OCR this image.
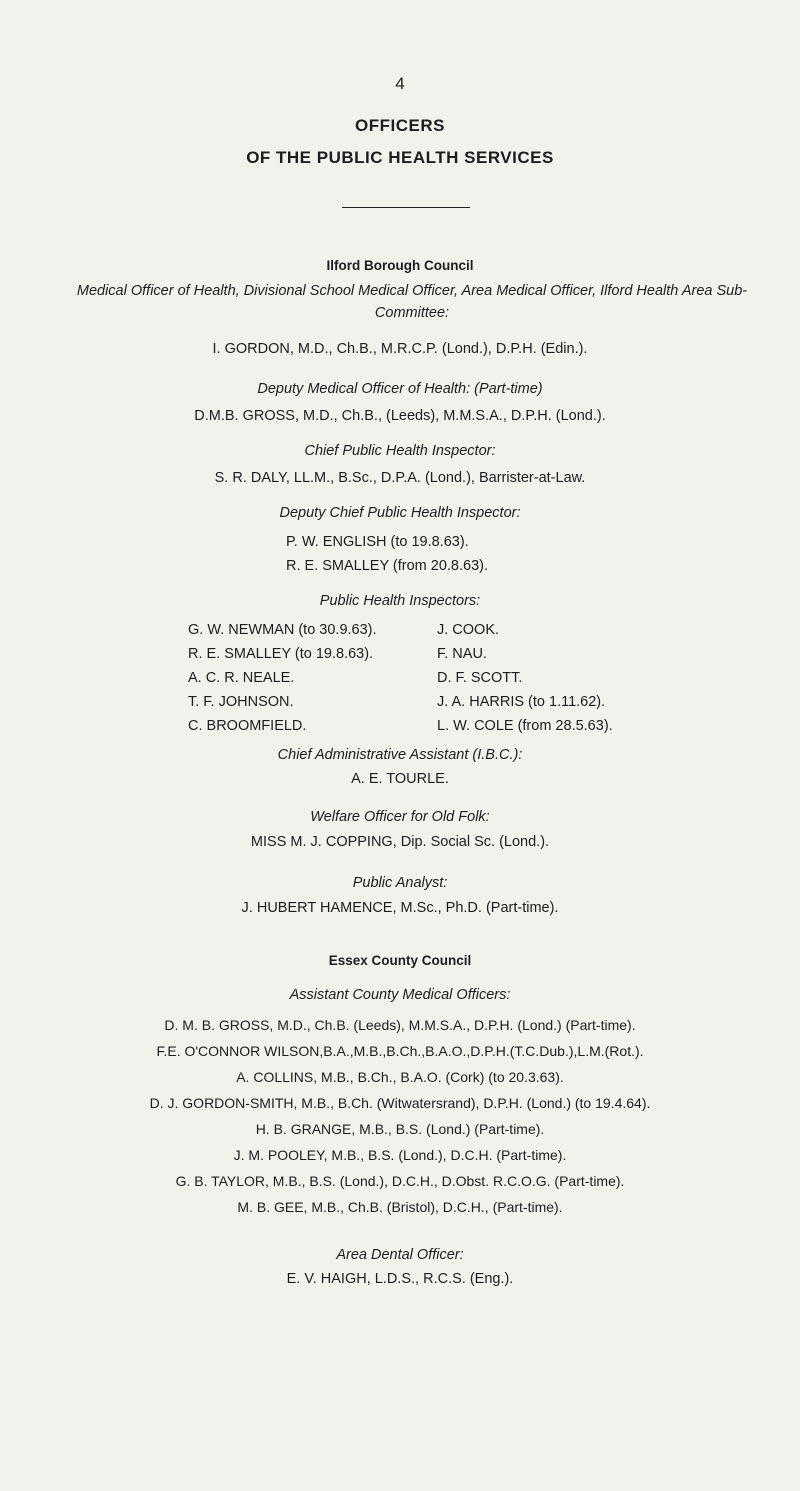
4
OFFICERS
OF THE PUBLIC HEALTH SERVICES
Ilford Borough Council
Medical Officer of Health, Divisional School Medical Officer, Area Medical Officer, Ilford Health Area Sub-Committee:
I. GORDON, M.D., Ch.B., M.R.C.P. (Lond.), D.P.H. (Edin.).
Deputy Medical Officer of Health: (Part-time)
D.M.B. GROSS, M.D., Ch.B., (Leeds), M.M.S.A., D.P.H. (Lond.).
Chief Public Health Inspector:
S. R. DALY, LL.M., B.Sc., D.P.A. (Lond.), Barrister-at-Law.
Deputy Chief Public Health Inspector:
P. W. ENGLISH (to 19.8.63).
R. E. SMALLEY (from 20.8.63).
Public Health Inspectors:
G. W. NEWMAN (to 30.9.63).
R. E. SMALLEY (to 19.8.63).
A. C. R. NEALE.
T. F. JOHNSON.
C. BROOMFIELD.
J. COOK.
F. NAU.
D. F. SCOTT.
J. A. HARRIS (to 1.11.62).
L. W. COLE (from 28.5.63).
Chief Administrative Assistant (I.B.C.):
A. E. TOURLE.
Welfare Officer for Old Folk:
MISS M. J. COPPING, Dip. Social Sc. (Lond.).
Public Analyst:
J. HUBERT HAMENCE, M.Sc., Ph.D. (Part-time).
Essex County Council
Assistant County Medical Officers:
D. M. B. GROSS, M.D., Ch.B. (Leeds), M.M.S.A., D.P.H. (Lond.) (Part-time).
F.E. O'CONNOR WILSON,B.A.,M.B.,B.Ch.,B.A.O.,D.P.H.(T.C.Dub.),L.M.(Rot.).
A. COLLINS, M.B., B.Ch., B.A.O. (Cork) (to 20.3.63).
D. J. GORDON-SMITH, M.B., B.Ch. (Witwatersrand), D.P.H. (Lond.) (to 19.4.64).
H. B. GRANGE, M.B., B.S. (Lond.) (Part-time).
J. M. POOLEY, M.B., B.S. (Lond.), D.C.H. (Part-time).
G. B. TAYLOR, M.B., B.S. (Lond.), D.C.H., D.Obst. R.C.O.G. (Part-time).
M. B. GEE, M.B., Ch.B. (Bristol), D.C.H., (Part-time).
Area Dental Officer:
E. V. HAIGH, L.D.S., R.C.S. (Eng.).
